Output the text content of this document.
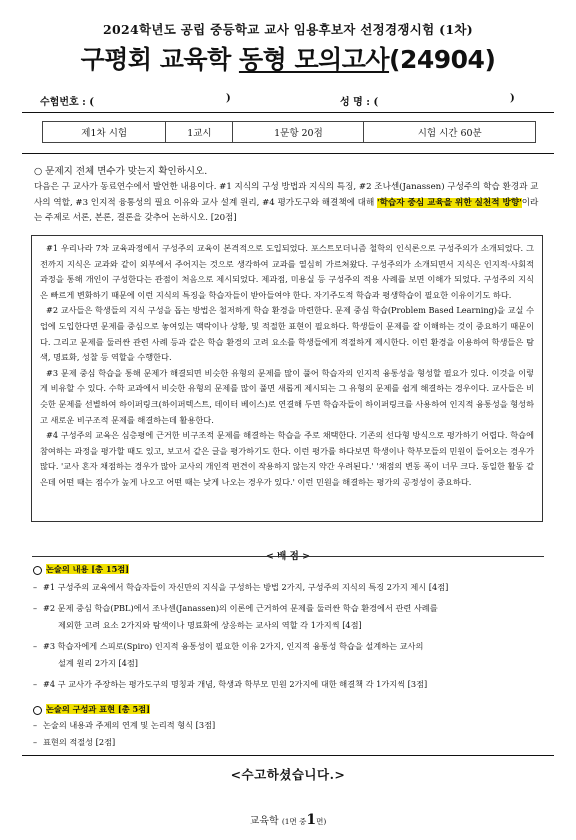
2024학년도 공립 중등학교 교사 임용후보자 선정경쟁시험 (1차)
구평회 교육학 동형 모의고사(24904)
수험번호 : (	)	성 명 : (	)
제1차 시험	1교시	1문항 20점	시험 시간 60분
○ 문제지 전체 면수가 맞는지 확인하시오.
다음은 구 교사가 동료연수에서 발언한 내용이다. #1 지식의 구성 방법과 지식의 특징, #2 조나센(Janassen) 구성주의 학습 환경과 교사의 역할, #3 인지적 융통성의 필요 이유와 교사 설계 원리, #4 평가도구와 해결책에 대해 '학습자 중심 교육을 위한 실천적 방향'이라는 주제로 서론, 본론, 결론을 갖추어 논하시오. [20점]

#1 우리나라 7차 교육과정에서 구성주의 교육이 본격적으로 도입되었다. 포스트모더니즘 철학의 인식론으로 구성주의가 소개되었다. 그 전까지 지식은 교과와 같이 외부에서 주어지는 것으로 생각하여 교과를 열심히 가르쳐왔다. 구성주의가 소개되면서 지식은 인지적·사회적 과정을 통해 개인이 구성한다는 관점이 처음으로 제시되었다. 제과점, 미용실 등 구성주의 적용 사례를 보면 이해가 되었다. 구성주의 지식은 빠르게 변화하기 때문에 이런 지식의 특징을 학습자들이 받아들여야 한다. 자기주도적 학습과 평생학습이 필요한 이유이기도 하다.

#2 교사들은 학생들의 지식 구성을 돕는 방법은 철저하게 학습 환경을 마련한다. 문제 중심 학습(Problem Based Learning)을 교실 수업에 도입한다면 문제를 중심으로 놓여있는 맥락이나 상황, 및 적절한 표현이 필요하다. 학생들이 문제를 잘 이해하는 것이 중요하기 때문이다. 그리고 문제를 둘러싼 관련 사례 등과 같은 학습 환경의 고려 요소를 학생들에게 적절하게 제시한다. 이런 환경을 이용하여 학생들은 탐색, 명료화, 성찰 등 역할을 수행한다.

#3 문제 중심 학습을 통해 문제가 해결되면 비슷한 유형의 문제를 많이 풀어 학습자의 인지적 융통성을 형성할 필요가 있다. 이것을 이렇게 비유할 수 있다. 수학 교과에서 비슷한 유형의 문제를 많이 풀면 새롭게 제시되는 그 유형의 문제를 쉽게 해결하는 경우이다. 교사들은 비슷한 문제를 선별하여 하이퍼링크(하이퍼텍스트, 데이터 베이스)로 연결해 두면 학습자들이 하이퍼링크를 사용하여 인지적 융통성을 형성하고 새로운 비구조적 문제를 해결하는데 활용한다.

#4 구성주의 교육은 심층평에 근거한 비구조적 문제를 해결하는 학습을 주로 채택한다. 기존의 선다형 방식으로 평가하기 어렵다. 학습에 참여하는 과정을 평가할 때도 있고, 보고서 같은 글을 평가하기도 한다. 이런 평가를 하다보면 학생이나 학부모들의 민원이 들어오는 경우가 많다. '교사 혼자 채점하는 경우가 많아 교사의 개인적 편견이 작용하지 않는지 약간 우려된다.' '채점의 변동 폭이 너무 크다. 동일한 활동 같은데 어떤 때는 점수가 높게 나오고 어떤 때는 낮게 나오는 경우가 있다.' 이런 민원을 해결하는 평가의 공정성이 중요하다.

< 배 점 >
논술의 내용 [총 15점]
– #1 구성주의 교육에서 학습자들이 자신만의 지식을 구성하는 방법 2가지, 구성주의 지식의 특징 2가지 제시 [4점]
– #2 문제 중심 학습(PBL)에서 조나센(Janassen)의 이론에 근거하여 문제를 둘러싼 학습 환경에서 관련 사례를
제외한 고려 요소 2가지와 탐색이나 명료화에 상응하는 교사의 역할 각 1가지씩 [4점]
– #3 학습자에게 스피로(Spiro) 인지적 융통성이 필요한 이유 2가지, 인지적 융통성 학습을 설계하는 교사의
설계 원리 2가지 [4점]
– #4 구 교사가 주장하는 평가도구의 명칭과 개념, 학생과 학부모 민원 2가지에 대한 해결책 각 1가지씩 [3점]
논술의 구성과 표현 [총 5점]
– 논술의 내용과 주제의 연계 및 논리적 형식 [3점]
– 표현의 적절성 [2점]
<수고하셨습니다.>
교육학 (1면 중1면)
